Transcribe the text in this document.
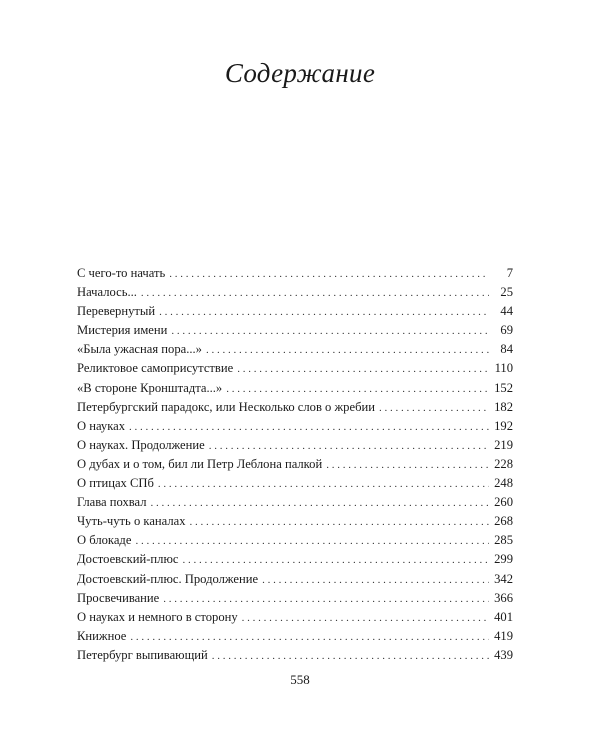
Содержание
С чего-то начать . . .	7
Началось... . . .	25
Перевернутый . . .	44
Мистерия имени . . .	69
«Была ужасная пора...» . . .	84
Реликтовое самоприсутствие . . .	110
«В стороне Кронштадта...» . . .	152
Петербургский парадокс, или Несколько слов о жребии . . .	182
О науках . . .	192
О науках. Продолжение . . .	219
О дубах и о том, бил ли Петр Леблона палкой . . .	228
О птицах СПб . . .	248
Глава похвал . . .	260
Чуть-чуть о каналах . . .	268
О блокаде . . .	285
Достоевский-плюс . . .	299
Достоевский-плюс. Продолжение . . .	342
Просвечивание . . .	366
О науках и немного в сторону . . .	401
Книжное . . .	419
Петербург выпивающий . . .	439
558
